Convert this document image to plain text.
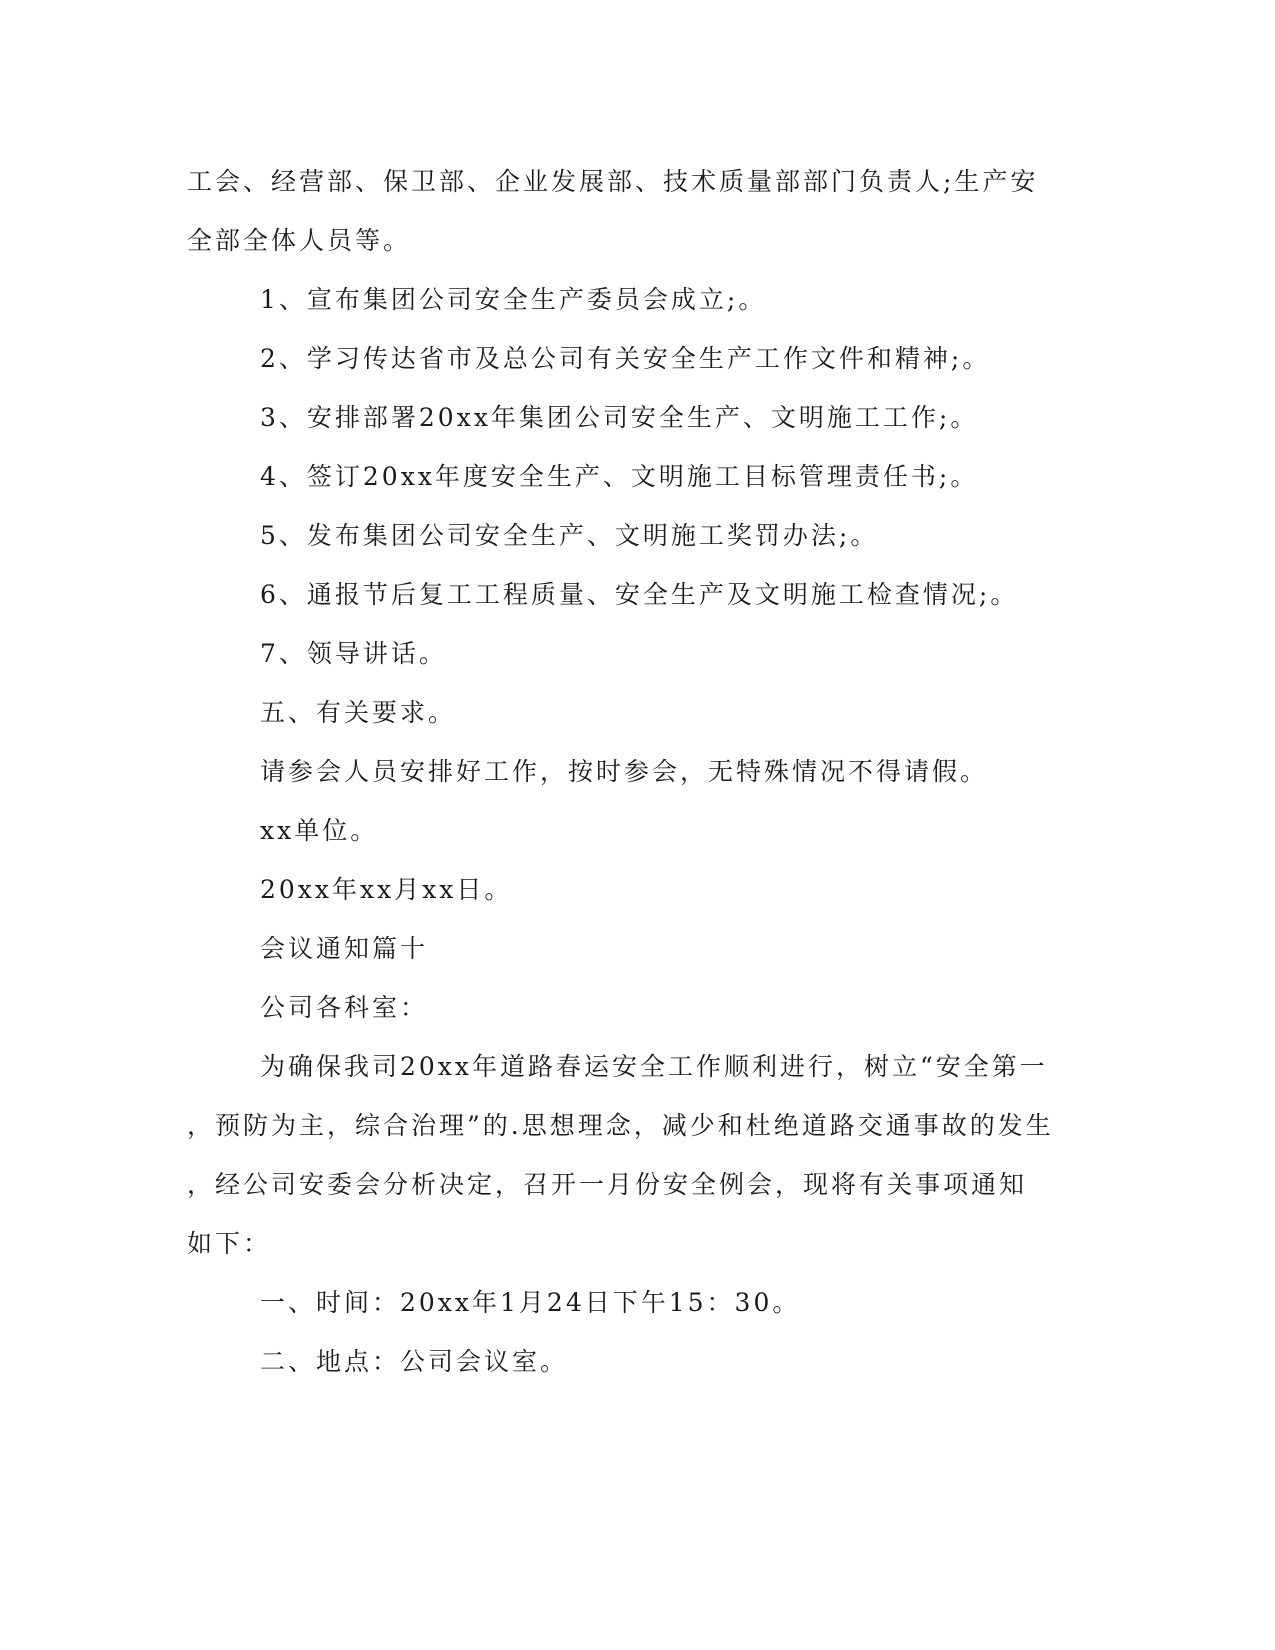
工会、经营部、保卫部、企业发展部、技术质量部部门负责人;生产安

全部全体人员等。

1、宣布集团公司安全生产委员会成立;。

2、学习传达省市及总公司有关安全生产工作文件和精神;。

3、安排部署20xx年集团公司安全生产、文明施工工作;。

4、签订20xx年度安全生产、文明施工目标管理责任书;。

5、发布集团公司安全生产、文明施工奖罚办法;。

6、通报节后复工工程质量、安全生产及文明施工检查情况;。

7、领导讲话。

五、有关要求。

请参会人员安排好工作，按时参会，无特殊情况不得请假。

xx单位。

20xx年xx月xx日。

会议通知篇十

公司各科室：

为确保我司20xx年道路春运安全工作顺利进行，树立“安全第一

，预防为主，综合治理”的.思想理念，减少和杜绝道路交通事故的发生

，经公司安委会分析决定，召开一月份安全例会，现将有关事项通知

如下：

一、时间：20xx年1月24日下午15：30。

二、地点：公司会议室。
